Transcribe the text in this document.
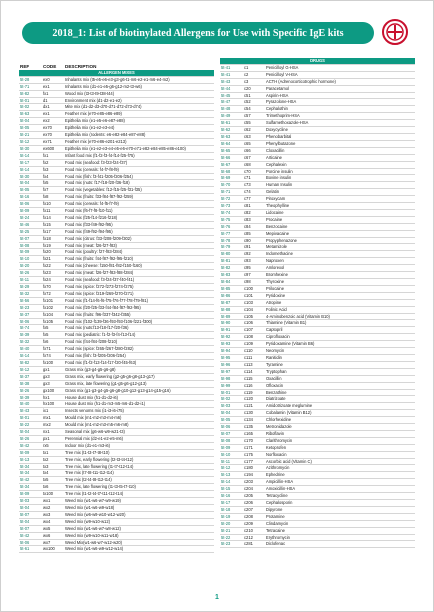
2018_1: List of biotinylated Allergens for Use with Specific IgE kits
REF	CODE	DESCRIPTION
ALLERGEN MIXES		
5t-28	ex0	Inhalants mix (t5-e5-e6-e3-g3-g6-t1-m6-e2-e1-m6-e4-m2)
5t-71	ex1	Inhalants mix (d1-e1-e5-g6-g12-m2-t3-w6)
5t-82	fx1	Wood mix (t3-t3-t9-t38-t44)
5t-01	d1	Environment mix (d1-d2-e1-e2)
5t-02	dx1	Mite mix (d1-d2-d3-d70-d71-d72-d73-d74)
5t-63	ex1	Feather mix (e70-e85-e86-e89)
5t-04	ex2	Epithelia mix (e1-e5-e6-e87-e88)
5t-05	ex70	Epithelia mix (e1-e2-e3-e4)
5t-21	ex70	Epithelia mix (rodents: e6-e82-e84-e87-e88)
5t-12	ex71	Feather mix (e70-e86-e201-e213)
5t-30	ex600	Epithelia mix (e1-e2-e3-e4-e5-e6-e70-e71-e82-e84-e85-e86-e100)
5t-14	fx1	Infant food mix (f1-f2-f3-f4-f14-f25-f75)
5t-17	fx2	Food mix (seafood: f3-f23-f24-f37)
5t-14	fx3	Food mix (cereals: f4-f7-f8-f9)
5t-30	fx4	Food mix (fish: f3-f41-f205-f206-f254)
5t-04	fx5	Food mix (nuts: f17-f18-f20-f36-f18)
5t-05	fx7	Food mix (vegetables: f12-f15-f25-f31-f35)
5t-16	fx8	Food mix (fruits: f33-f84-f87-f92-f259)
5t-06	fx10	Food mix (cereals: f4-f5-f7-f9)
5t-09	fx11	Food mix (f6-f7-f8-f10-f11)
5t-24	fx14	Food mix (f25-f14-f216-f218)
5t-46	fx15	Food mix (f33-f49-f92-f95)
5t-25	fx17	Food mix (f49-f92-f94-f95)
5t-07	fx18	Food mix (citrus: f33-f208-f209-f302)
5t-08	fx19	Food mix (meat: f26-f27-f83)
5t-09	fx20	Food mix (poultry: f27-f83-f284)
5t-10	fx21	Food mix (fruits: f44-f87-f92-f95-f210)
5t-20	fx22	Food mix (cheese: f150-f81-f82-f150-f160)
5t-26	fx23	Food mix (meat: f26-f27-f83-f88-f284)
5t-11	fx24	Food mix (seafood: f3-f24-f37-f40-f41)
5t-29	fx70	Food mix (spice: f272-f273-f274-f275)
5t-32	fx72	Food mix (spice: f219-f269-f270-f271)
5t-56	fx101	Food mix (f1-f14-f6-f6-f75-f76-f77-f78-f79-f81)
5t-23	fx102	Food mix (f20-f25-f33-f44-f84-f87-f92-f95)
5t-37	fx104	Food mix (fruits: f96-f337-f342-f355)
5t-06	fx105	Food mix (f102-f139-f36-f93-f93-f106-f221-f300)
5t-74	fx5	Food mix (nuts:f13-f18-f17-f20-f36)
5t-39	fx5	Food mix (pediatric: f1-f2-f3-f4-f13-f14)
5t-32	fx6	Food mix (f44-f84-f208-f210)
5t-40	fx71	Food mix (spice: f265-f267-f280-f282)
5t-14	fx74	Food mix (fish: f3-f205-f206-f254)
5t-82	fx100	Food mix (f1-f2-f13-f14-f17-f20-f45-f63)
5t-12	gx1	Grass mix (g3-g4-g5-g6-g8)
5t-37	gx3	Grass mix, early flowering (g2-g5-g6-g8-g13-g17)
5t-38	gx3	Grass mix, late flowering (g1-g5-g6-g12-g13)
5t-26	gx100	Grass mix (g1-g3-g4-g5-g6-g8-g10-g12-g13-g14-g15-g16)
5t-39	hx1	House dust mix (h1-d1-d2-i6)
5t-40	hx100	House dust mix (h1-d1-m3-m5-m6-d1-d2-i1)
5t-43	ix1	Insects venoms mix (i1-i3-i6-i75)
5t-01	mx1	Mould mix (m1-m2-m3-m4-m6)
5t-22	mx2	Mould mix (m1-m2-m3-m5-m6-m8)
5t-04	nx1	Seasonal mix (g6-w6-w9-w21-t3)
5t-26	px1	Perennial mix (d2-e1-e2-e5-m6)
5t-42	rx5	Indoor mix (d1-e1-m3-i6)
5t-09	tx1	Tree mix (t1-t3-t7-t8-t10)
5t-13	tx2	Tree mix, early flowering (t2-t3-t4-t12)
5t-34	tx3	Tree mix, late flowering (t1-t7-t12-t14)
5t-34	tx4	Tree mix (t7-t8-t11-t12-t14)
5t-42	tx5	Tree mix (t2-t4-t8-t12-t14)
5t-34	tx6	Tree mix, late flowering (t1-t3-t5-t7-t10)
5t-09	tx100	Tree mix (t1-t2-t4-t7-t11-t12-t14)
5t-03	wx1	Weed mix (w1-w6-w7-w9-w19)
5t-04	wx2	Weed mix (w1-w6-w9-w18)
5t-07	wx3	Weed mix (w6-w9-w10-w12-w20)
5t-04	wx4	Weed mix (w9-w10-w12)
5t-07	wx5	Weed mix (w1-w6-w7-w8-w12)
5t-42	wx6	Weed mix (w9-w10-w11-w18)
5t-06	wx7	Weed Mix(w1-w6-w7-w12-w20)
5t-61	wx100	Weed mix (w1-w6-w9-w12-w14)
DRUGS		
5t-41	c1	Penicilloyl G-HSA
5t-41	c2	Penicilloyl V-HSA
5t-43	c3	ACTH (Adrenocorticotrophic hormone)
5t-44	c20	Paracetamol
5t-45	c51	Aspirin-HSA
5t-47	c52	Pyrazolone-HSA
5t-48	c54	Cephalothin
5t-49	c57	Trimethoprim-HSA
5t-61	c55	Sulfamethoxazole-HSA
5t-62	c62	Doxycycline
5t-63	c63	Phenobarbital
5t-64	c65	Phenylbutazone
5t-65	c66	Cloxacillin
5t-66	c67	Articaine
5t-67	c68	Cephalexin
5t-68	c70	Porcine insulin
5t-69	c71	Bovine insulin
5t-70	c73	Human Insulin
5t-71	c74	Gelatin
5t-72	c77	Piroxycam
5t-73	c81	Theophylline
5t-74	c82	Lidocaine
5t-75	c83	Procaine
5t-76	c84	Benzocaine
5t-77	c85	Mepivacaine
5t-78	c90	Propyphenazone
5t-79	c91	Metamizole
5t-80	c92	Indomethacine
5t-81	c93	Naproxen
5t-82	c95	Amlorexol
5t-83	c97	Bromhexine
5t-84	c98	Thyroxine
5t-85	c100	Prilocaine
5t-86	c101	Pyridoxine
5t-87	c103	Atropine
5t-88	c104	Folinic Acid
5t-89	c105	4-Aminobenzoic acid (Vitamin B10)
5t-90	c106	Thiamine (Vitamin B1)
5t-91	c107	Captopril
5t-92	c108	Ciprofloxacin
5t-93	c109	Pyridoxamine (Vitamin B6)
5t-94	c110	Neomycin
5t-95	c111	Ranitidin
5t-96	c113	Tyramine
5t-97	c114	Tryptophan
5t-98	c115	Oxacillin
5t-99	c116	Ofloxacin
5t-01	c119	Benzathine
5t-02	c120	Diatrizoate
5t-03	c121	Amidotrizoate meglumine
5t-04	c130	Cobalamin (Vitamin B12)
5t-05	c134	Chlorhexidine
5t-06	c135	Metronidazole
5t-07	c165	Riboflavin
5t-08	c170	Clarithromycin
5t-09	c171	Ketoprofen
5t-10	c175	Norfloxacin
5t-11	c177	Ascorbic acid (Vitamin C)
5t-12	c180	Azithromycin
5t-13	c194	Ephedrine
5t-14	c203	Ampicillin-HSA
5t-15	c204	Amoxicillin-HSA
5t-16	c205	Tetracycline
5t-17	c206	Cephalosporin
5t-18	c207	Dipyrone
5t-19	c208	Protamine
5t-20	c209	Clindamycin
5t-21	c210	Tetracaine
5t-22	c212	Erythromycin
5t-23	c281	Diclofenac
1
